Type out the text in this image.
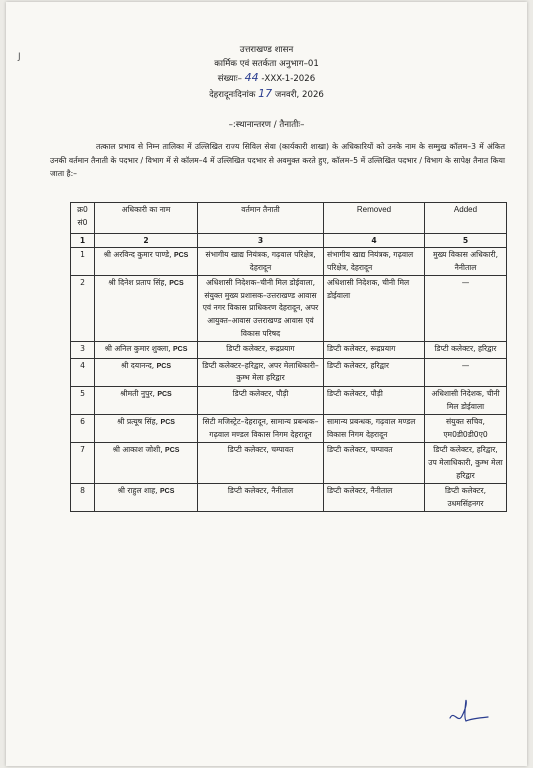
J
उत्तराखण्ड शासन
कार्मिक एवं सतर्कता अनुभाग–01
संख्याः– 44 -XXX-1-2026
देहरादूनःदिनांक 17 जनवरी, 2026
–:स्थानान्तरण / तैनातीः–
तत्काल प्रभाव से निम्न तालिका में उल्लिखित राज्य सिविल सेवा (कार्यकारी शाखा) के अधिकारियों को उनके नाम के सम्मुख कॉलम–3 में अंकित उनकी वर्तमान तैनाती के पदभार / विभाग में से कॉलम–4 में उल्लिखित पदभार से अवमुक्त करते हुए, कॉलम–5 में उल्लिखित पदभार / विभाग के सापेक्ष तैनात किया जाता है:–
क्र0 सं0	अधिकारी का नाम	वर्तमान तैनाती	Removed	Added
1	2	3	4	5
1	श्री अरविन्द कुमार पाण्डे, PCS	संभागीय खाद्य नियंत्रक, गढ़वाल परिक्षेत्र, देहरादून	संभागीय खाद्य नियंत्रक, गढ़वाल परिक्षेत्र, देहरादून	मुख्य विकास अधिकारी, नैनीताल
2	श्री दिनेश प्रताप सिंह, PCS	अधिशासी निदेशक–चीनी मिल डोईवाला, संयुक्त मुख्य प्रशासक–उत्तराखण्ड आवास एवं नगर विकास प्राधिकरण देहरादून, अपर आयुक्त–आवास उत्तराखण्ड आवास एवं विकास परिषद	अधिशासी निदेशक, चीनी मिल डोईवाला	—
3	श्री अनिल कुमार शुक्ला, PCS	डिप्टी कलेक्टर, रूद्रप्रयाग	डिप्टी कलेक्टर, रूद्रप्रयाग	डिप्टी कलेक्टर, हरिद्वार
4	श्री दयानन्द, PCS	डिप्टी कलेक्टर–हरिद्वार, अपर मेलाधिकारी–कुम्भ मेला हरिद्वार	डिप्टी कलेक्टर, हरिद्वार	—
5	श्रीमती नुपुर, PCS	डिप्टी कलेक्टर, पौड़ी	डिप्टी कलेक्टर, पौड़ी	अधिशासी निदेशक, चीनी मिल डोईवाला
6	श्री प्रत्यूष सिंह, PCS	सिटी मजिस्ट्रेट–देहरादून, सामान्य प्रबन्धक–गढ़वाल मण्डल विकास निगम देहरादून	सामान्य प्रबन्धक, गढ़वाल मण्डल विकास निगम देहरादून	संयुक्त सचिव, एम0डी0डी0ए0
7	श्री आकाश जोशी, PCS	डिप्टी कलेक्टर, चम्पावत	डिप्टी कलेक्टर, चम्पावत	डिप्टी कलेक्टर, हरिद्वार, उप मेलाधिकारी, कुम्भ मेला हरिद्वार
8	श्री राहुल शाह, PCS	डिप्टी कलेक्टर, नैनीताल	डिप्टी कलेक्टर, नैनीताल	डिप्टी कलेक्टर, उधमसिंहनगर
